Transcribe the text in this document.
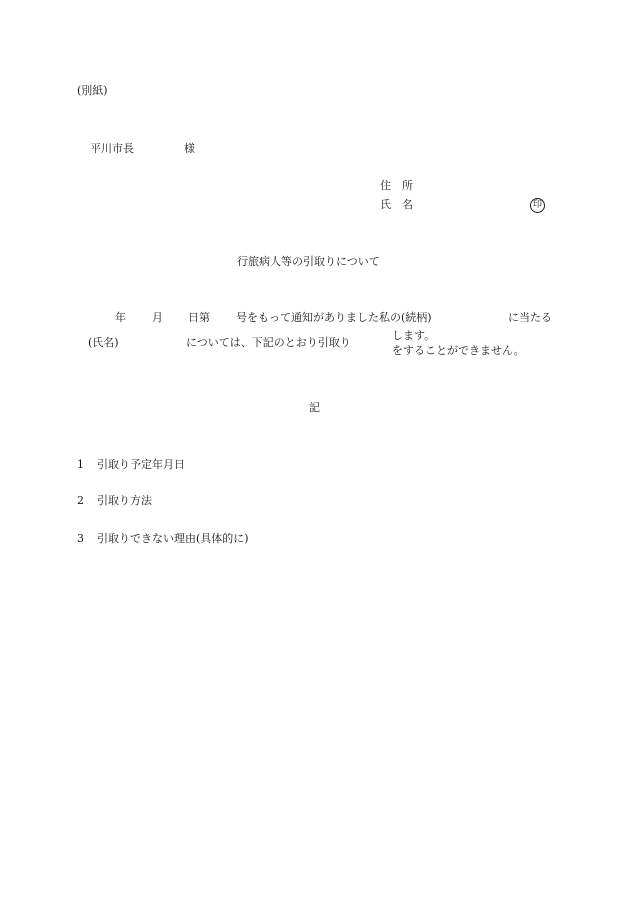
(別紙)
平川市長	様
住　所
氏　名	印
行旅病人等の引取りについて
年 月 日第 号をもって通知がありました私の(続柄)	に当たる
(氏名)	については、下記のとおり引取り
します。
をすることができません。
記
1 引取り予定年月日
2 引取り方法
3 引取りできない理由(具体的に)
